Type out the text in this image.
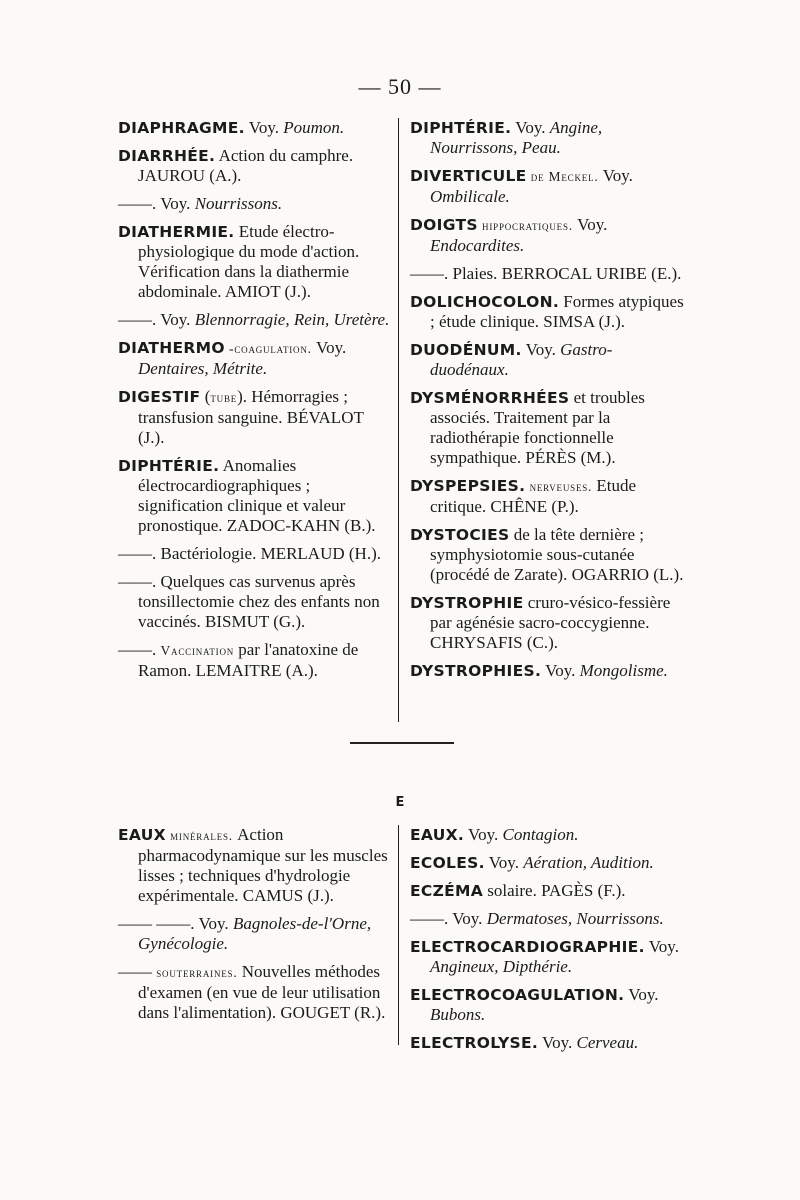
— 50 —
DIAPHRAGME. Voy. Poumon.
DIARRHÉE. Action du camphre. JAUROU (A.).
——. Voy. Nourrissons.
DIATHERMIE. Etude électro-physiologique du mode d'action. Vérification dans la diathermie abdominale. AMIOT (J.).
——. Voy. Blennorragie, Rein, Uretère.
DIATHERMO -coagulation. Voy. Dentaires, Métrite.
DIGESTIF (tube). Hémorragies ; transfusion sanguine. BÉVALOT (J.).
DIPHTÉRIE. Anomalies électrocardiographiques ; signification clinique et valeur pronostique. ZADOC-KAHN (B.).
——. Bactériologie. MERLAUD (H.).
——. Quelques cas survenus après tonsillectomie chez des enfants non vaccinés. BISMUT (G.).
——. Vaccination par l'anatoxine de Ramon. LEMAITRE (A.).
DIPHTÉRIE. Voy. Angine, Nourrissons, Peau.
DIVERTICULE de Meckel. Voy. Ombilicale.
DOIGTS hippocratiques. Voy. Endocardites.
——. Plaies. BERROCAL URIBE (E.).
DOLICHOCOLON. Formes atypiques ; étude clinique. SIMSA (J.).
DUODÉNUM. Voy. Gastro-duodénaux.
DYSMÉNORRHÉES et troubles associés. Traitement par la radiothérapie fonctionnelle sympathique. PÉRÈS (M.).
DYSPEPSIES. nerveuses. Etude critique. CHÊNE (P.).
DYSTOCIES de la tête dernière ; symphysiotomie sous-cutanée (procédé de Zarate). OGARRIO (L.).
DYSTROPHIE cruro-vésico-fessière par agénésie sacro-coccygienne. CHRYSAFIS (C.).
DYSTROPHIES. Voy. Mongolisme.
E
EAUX minérales. Action pharmacodynamique sur les muscles lisses ; techniques d'hydrologie expérimentale. CAMUS (J.).
—— ——. Voy. Bagnoles-de-l'Orne, Gynécologie.
—— souterraines. Nouvelles méthodes d'examen (en vue de leur utilisation dans l'alimentation). GOUGET (R.).
EAUX. Voy. Contagion.
ECOLES. Voy. Aération, Audition.
ECZÉMA solaire. PAGÈS (F.).
——. Voy. Dermatoses, Nourrissons.
ELECTROCARDIOGRAPHIE. Voy. Angineux, Dipthérie.
ELECTROCOAGULATION. Voy. Bubons.
ELECTROLYSE. Voy. Cerveau.
